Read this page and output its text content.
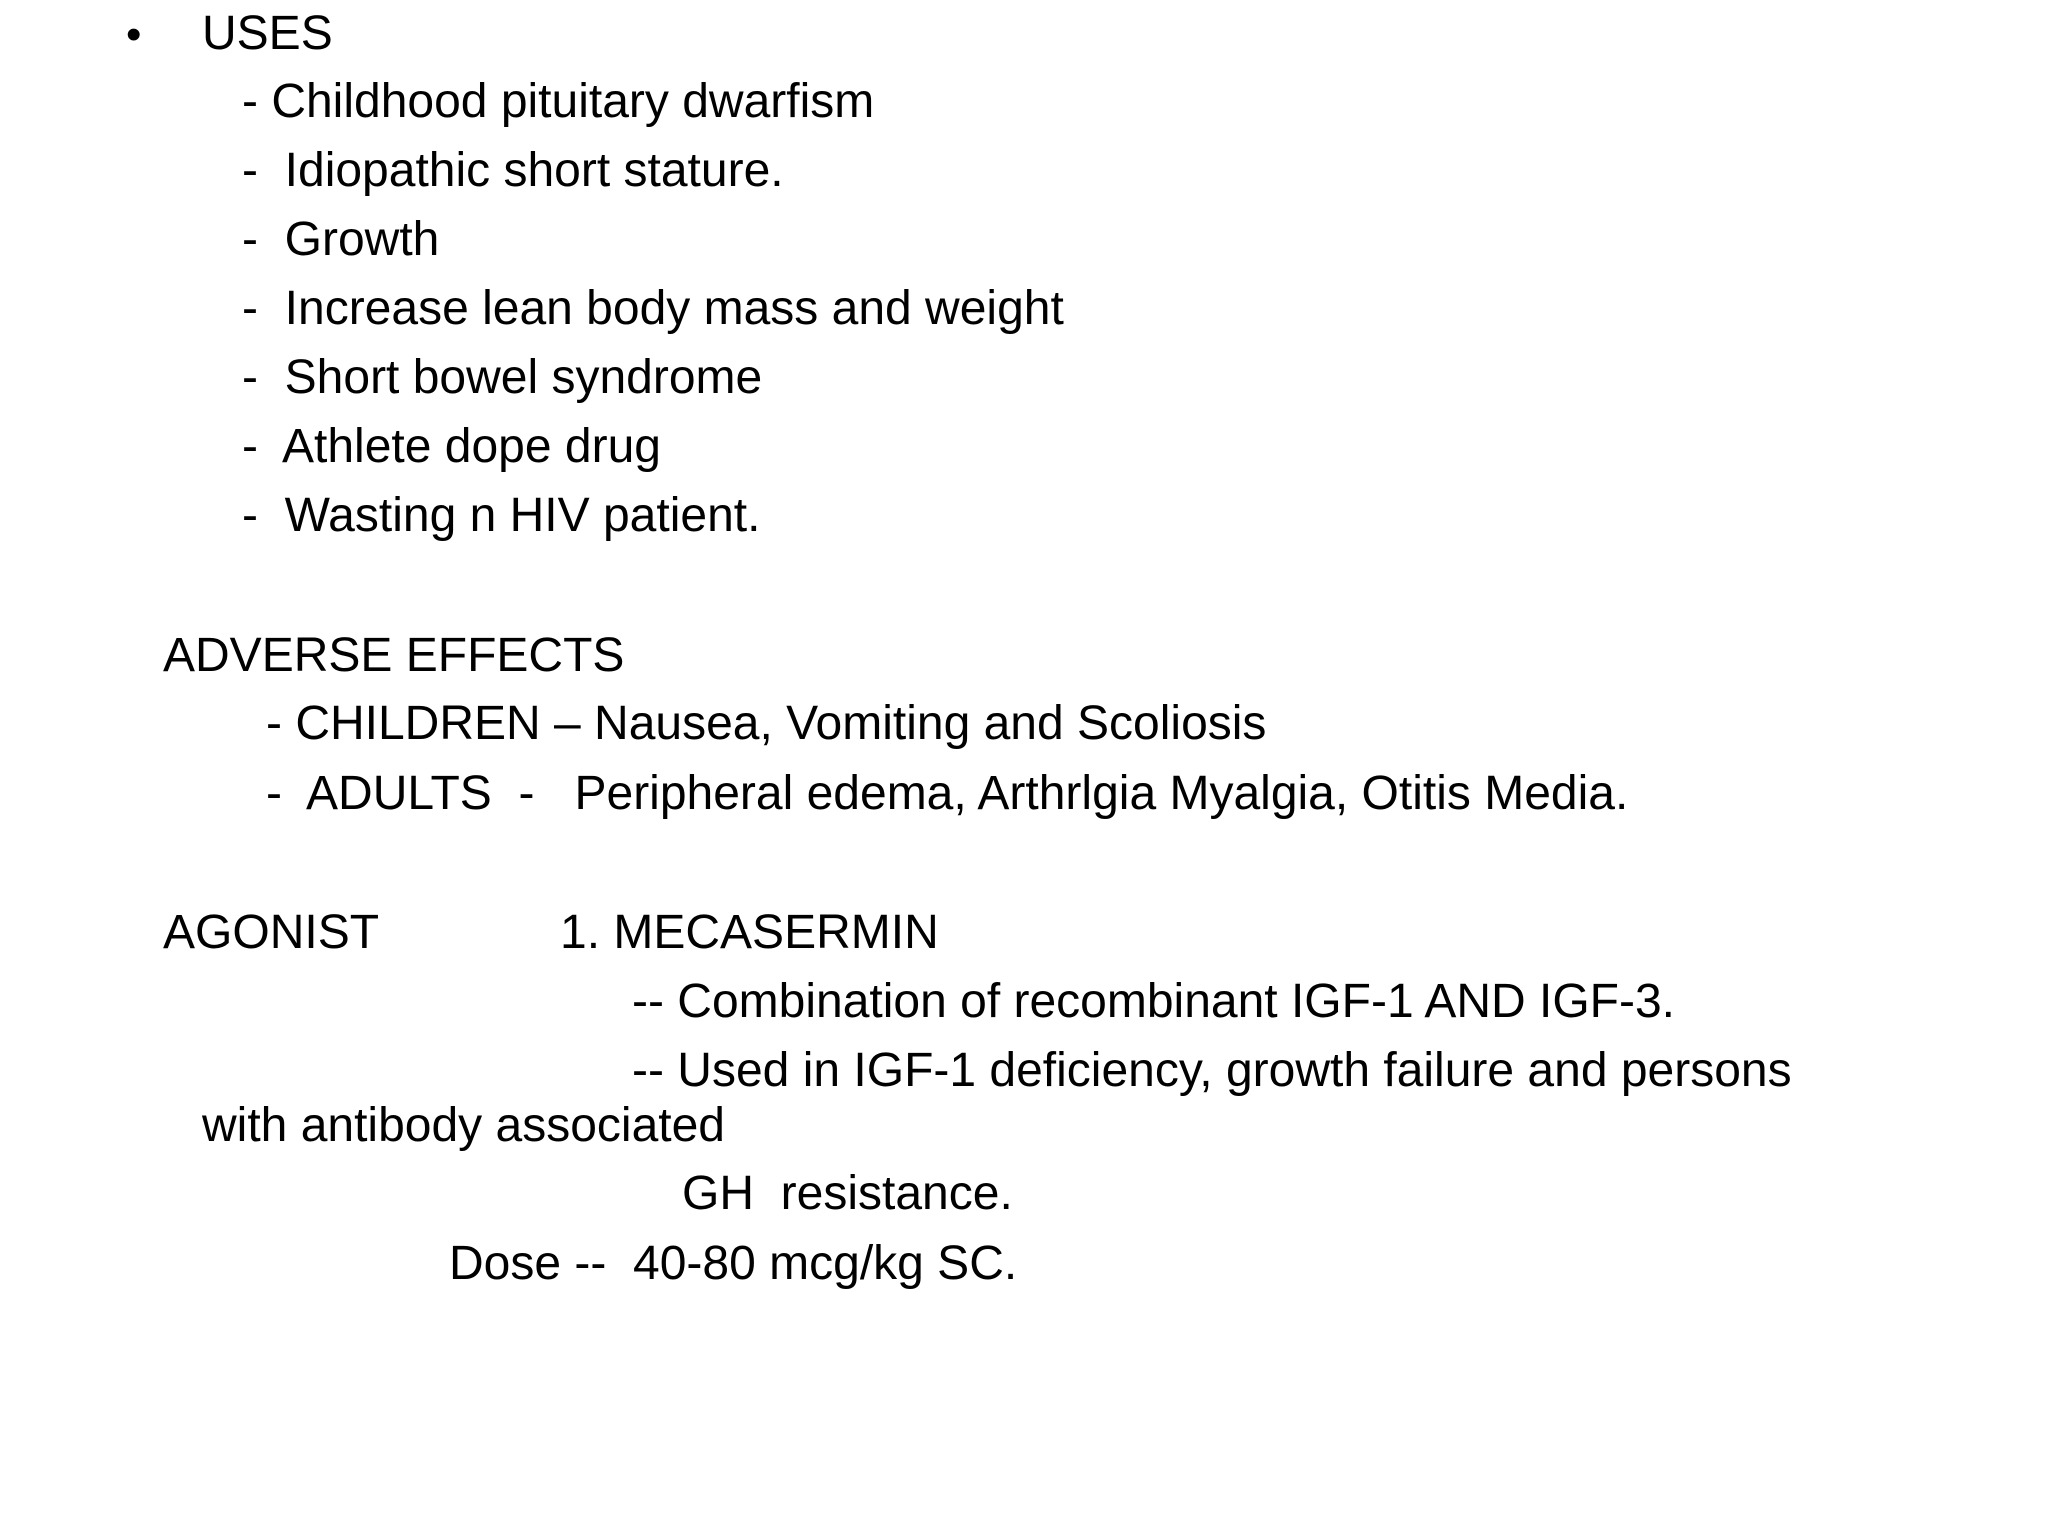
• USES
- Childhood pituitary dwarfism
-  Idiopathic short stature.
-  Growth
-  Increase lean body mass and weight
-  Short bowel syndrome
-  Athlete dope drug
-  Wasting n HIV patient.
ADVERSE EFFECTS
- CHILDREN – Nausea, Vomiting and Scoliosis
-  ADULTS  -   Peripheral edema, Arthrlgia Myalgia, Otitis Media.
AGONIST	1. MECASERMIN
-- Combination of recombinant IGF-1 AND IGF-3.
-- Used in IGF-1 deficiency, growth failure and persons
with antibody associated
GH  resistance.
Dose --  40-80 mcg/kg SC.
